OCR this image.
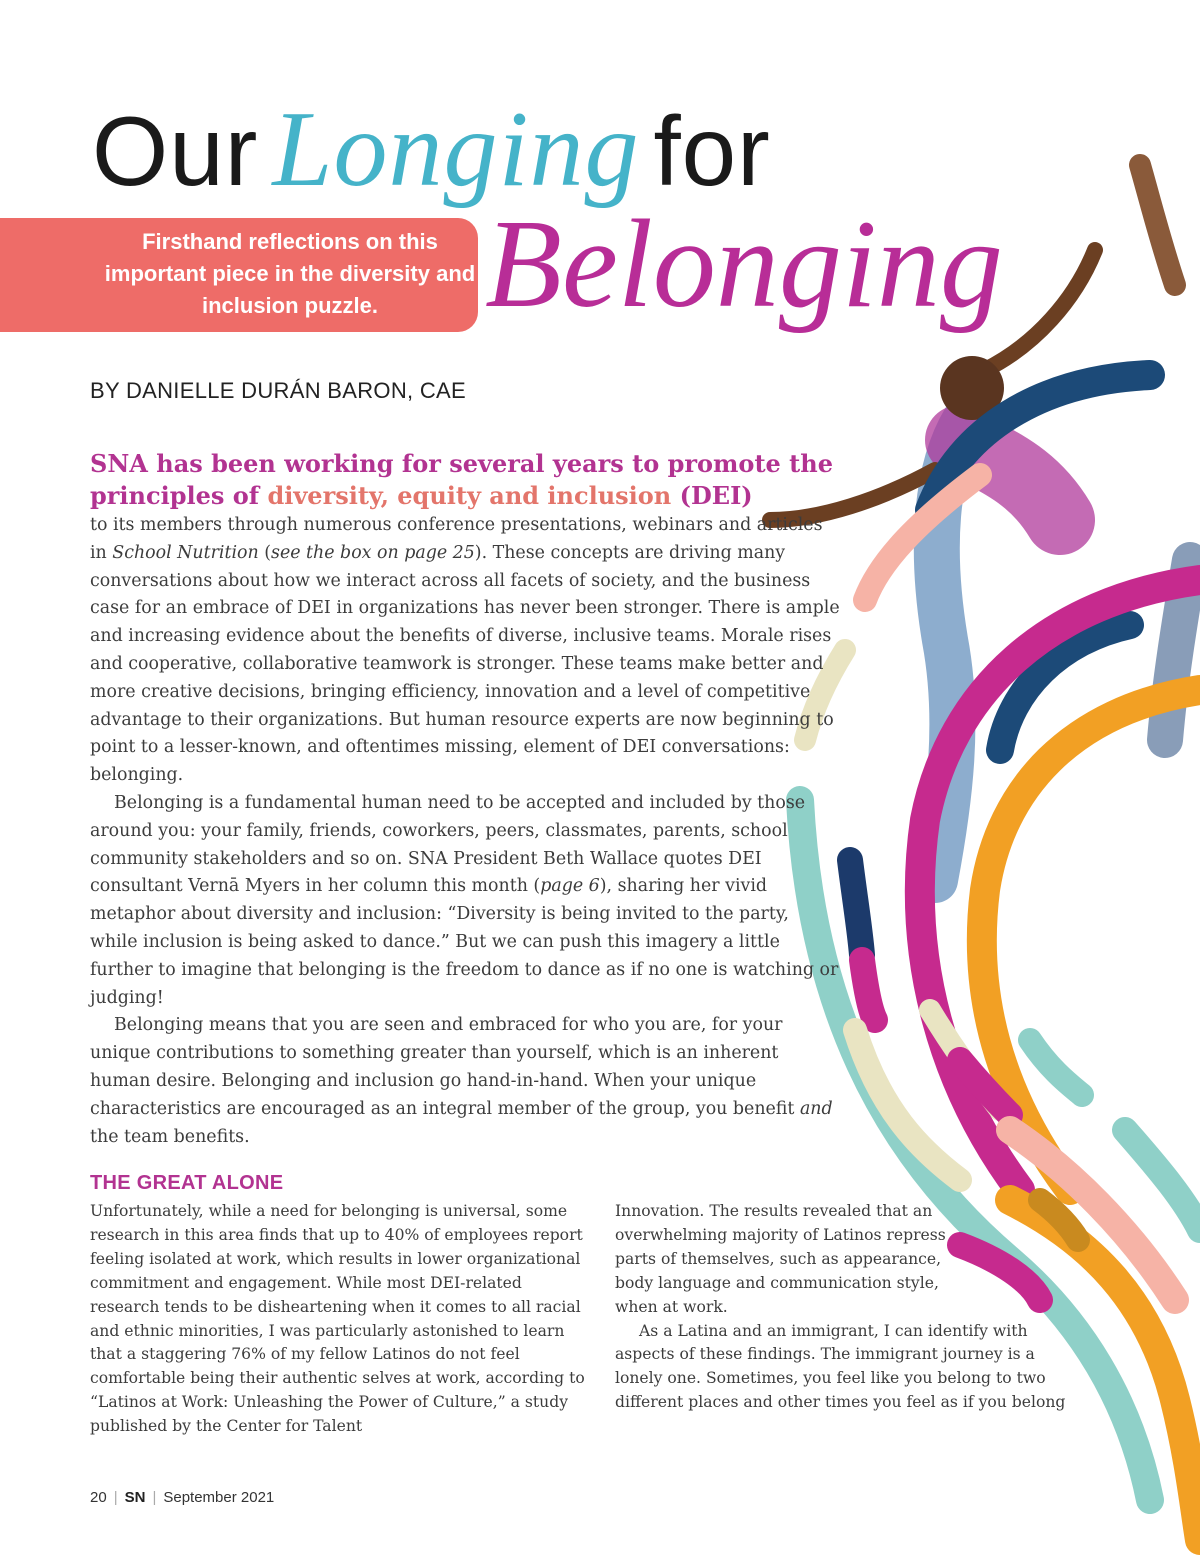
Our Longing for
Firsthand reflections on this important piece in the diversity and inclusion puzzle. Belonging
BY DANIELLE DURÁN BARON, CAE
SNA has been working for several years to promote the principles of diversity, equity and inclusion (DEI)

to its members through numerous conference presentations, webinars and articles in School Nutrition (see the box on page 25). These concepts are driving many conversations about how we interact across all facets of society, and the business case for an embrace of DEI in organizations has never been stronger. There is ample and increasing evidence about the benefits of diverse, inclusive teams. Morale rises and cooperative, collaborative teamwork is stronger. These teams make better and more creative decisions, bringing efficiency, innovation and a level of competitive advantage to their organizations. But human resource experts are now beginning to point to a lesser-known, and oftentimes missing, element of DEI conversations: belonging.

Belonging is a fundamental human need to be accepted and included by those around you: your family, friends, coworkers, peers, classmates, parents, school community stakeholders and so on. SNA President Beth Wallace quotes DEI consultant Vernā Myers in her column this month (page 6), sharing her vivid metaphor about diversity and inclusion: “Diversity is being invited to the party, while inclusion is being asked to dance.” But we can push this imagery a little further to imagine that belonging is the freedom to dance as if no one is watching or judging!

Belonging means that you are seen and embraced for who you are, for your unique contributions to something greater than yourself, which is an inherent human desire. Belonging and inclusion go hand-in-hand. When your unique characteristics are encouraged as an integral member of the group, you benefit and the team benefits.

THE GREAT ALONE

Unfortunately, while a need for belonging is universal, some research in this area finds that up to 40% of employees report feeling isolated at work, which results in lower organizational commitment and engagement. While most DEI-related research tends to be disheartening when it comes to all racial and ethnic minorities, I was particularly astonished to learn that a staggering 76% of my fellow Latinos do not feel comfortable being their authentic selves at work, according to “Latinos at Work: Unleashing the Power of Culture,” a study published by the Center for Talent

Innovation. The results revealed that an overwhelming majority of Latinos repress parts of themselves, such as appearance, body language and communication style, when at work.

As a Latina and an immigrant, I can identify with aspects of these findings. The immigrant journey is a lonely one. Sometimes, you feel like you belong to two different places and other times you feel as if you belong

20 | SN | September 2021
